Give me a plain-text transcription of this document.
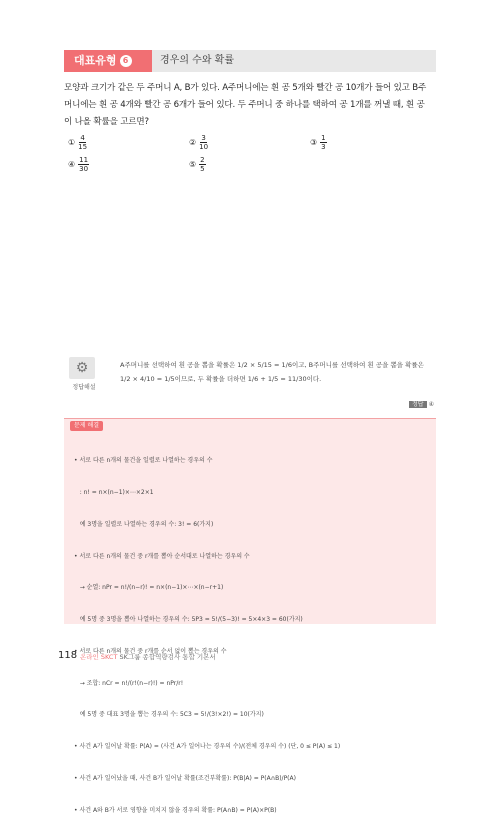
대표유형 6	경우의 수와 확률
모양과 크기가 같은 두 주머니 A, B가 있다. A주머니에는 흰 공 5개와 빨간 공 10개가 들어 있고 B주
머니에는 흰 공 4개와 빨간 공 6개가 들어 있다. 두 주머니 중 하나를 택하여 공 1개를 꺼낼 때, 흰 공
이 나올 확률을 고르면?
① $\frac{4}{15}$	② $\frac{3}{10}$	③ $\frac{1}{3}$
④ $\frac{11}{30}$	⑤ $\frac{2}{5}$
⚙
정답해설
A주머니를 선택하여 흰 공을 뽑을 확률은 1/2 × 5/15 = 1/6이고, B주머니를 선택하여 흰 공을 뽑을 확률은
1/2 × 4/10 = 1/5이므로, 두 확률을 더하면 1/6 + 1/5 = 11/30이다.
정답 ④
문제 해결

• 서로 다른 n개의 물건을 일렬로 나열하는 경우의 수

: n! = n×(n−1)×⋯×2×1

예 3명을 일렬로 나열하는 경우의 수: 3! = 6(가지)

• 서로 다른 n개의 물건 중 r개를 뽑아 순서대로 나열하는 경우의 수

→ 순열: nPr = n!/(n−r)! = n×(n−1)×⋯×(n−r+1)

예 5명 중 3명을 뽑아 나열하는 경우의 수: 5P3 = 5!/(5−3)! = 5×4×3 = 60(가지)

• 서로 다른 n개의 물건 중 r개를 순서 없이 뽑는 경우의 수

→ 조합: nCr = n!/(r!(n−r)!) = nPr/r!

예 5명 중 대표 3명을 뽑는 경우의 수: 5C3 = 5!/(3!×2!) = 10(가지)

• 사건 A가 일어날 확률: P(A) = (사건 A가 일어나는 경우의 수)/(전체 경우의 수) (단, 0 ≤ P(A) ≤ 1)

• 사건 A가 일어났을 때, 사건 B가 일어날 확률(조건부확률): P(B|A) = P(A∩B)/P(A)

• 사건 A와 B가 서로 영향을 미치지 않을 경우의 확률: P(A∩B) = P(A)×P(B)

118 온라인 SKCT SK그룹 종합역량검사 통합 기본서
